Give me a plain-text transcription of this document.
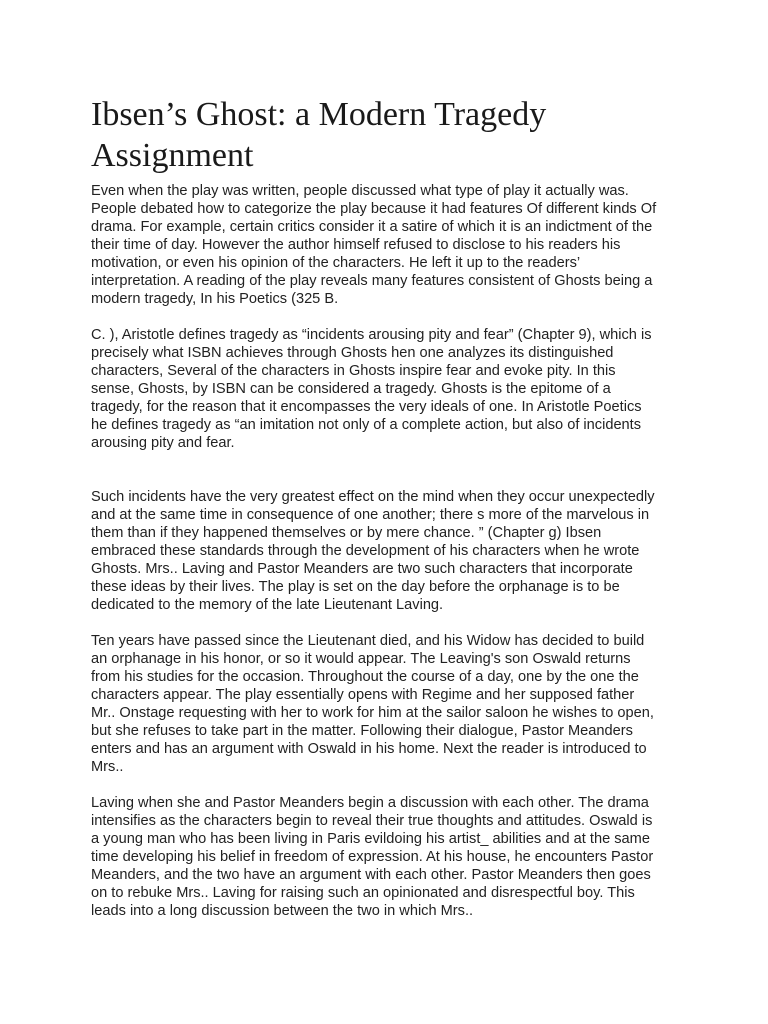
Ibsen’s Ghost: a Modern Tragedy
Assignment

Even when the play was written, people discussed what type of play it actually was.
People debated how to categorize the play because it had features Of different kinds Of
drama. For example, certain critics consider it a satire of which it is an indictment of the
their time of day. However the author himself refused to disclose to his readers his
motivation, or even his opinion of the characters. He left it up to the readers’
interpretation. A reading of the play reveals many features consistent of Ghosts being a
modern tragedy, In his Poetics (325 B.

C. ), Aristotle defines tragedy as “incidents arousing pity and fear” (Chapter 9), which is
precisely what ISBN achieves through Ghosts hen one analyzes its distinguished
characters, Several of the characters in Ghosts inspire fear and evoke pity. In this
sense, Ghosts, by ISBN can be considered a tragedy. Ghosts is the epitome of a
tragedy, for the reason that it encompasses the very ideals of one. In Aristotle Poetics
he defines tragedy as “an imitation not only of a complete action, but also of incidents
arousing pity and fear.

Such incidents have the very greatest effect on the mind when they occur unexpectedly
and at the same time in consequence of one another; there s more of the marvelous in
them than if they happened themselves or by mere chance. ” (Chapter g) Ibsen
embraced these standards through the development of his characters when he wrote
Ghosts. Mrs.. Laving and Pastor Meanders are two such characters that incorporate
these ideas by their lives. The play is set on the day before the orphanage is to be
dedicated to the memory of the late Lieutenant Laving.

Ten years have passed since the Lieutenant died, and his Widow has decided to build
an orphanage in his honor, or so it would appear. The Leaving's son Oswald returns
from his studies for the occasion. Throughout the course of a day, one by the one the
characters appear. The play essentially opens with Regime and her supposed father
Mr.. Onstage requesting with her to work for him at the sailor saloon he wishes to open,
but she refuses to take part in the matter. Following their dialogue, Pastor Meanders
enters and has an argument with Oswald in his home. Next the reader is introduced to
Mrs..

Laving when she and Pastor Meanders begin a discussion with each other. The drama
intensifies as the characters begin to reveal their true thoughts and attitudes. Oswald is
a young man who has been living in Paris evildoing his artist_ abilities and at the same
time developing his belief in freedom of expression. At his house, he encounters Pastor
Meanders, and the two have an argument with each other. Pastor Meanders then goes
on to rebuke Mrs.. Laving for raising such an opinionated and disrespectful boy. This
leads into a long discussion between the two in which Mrs..
